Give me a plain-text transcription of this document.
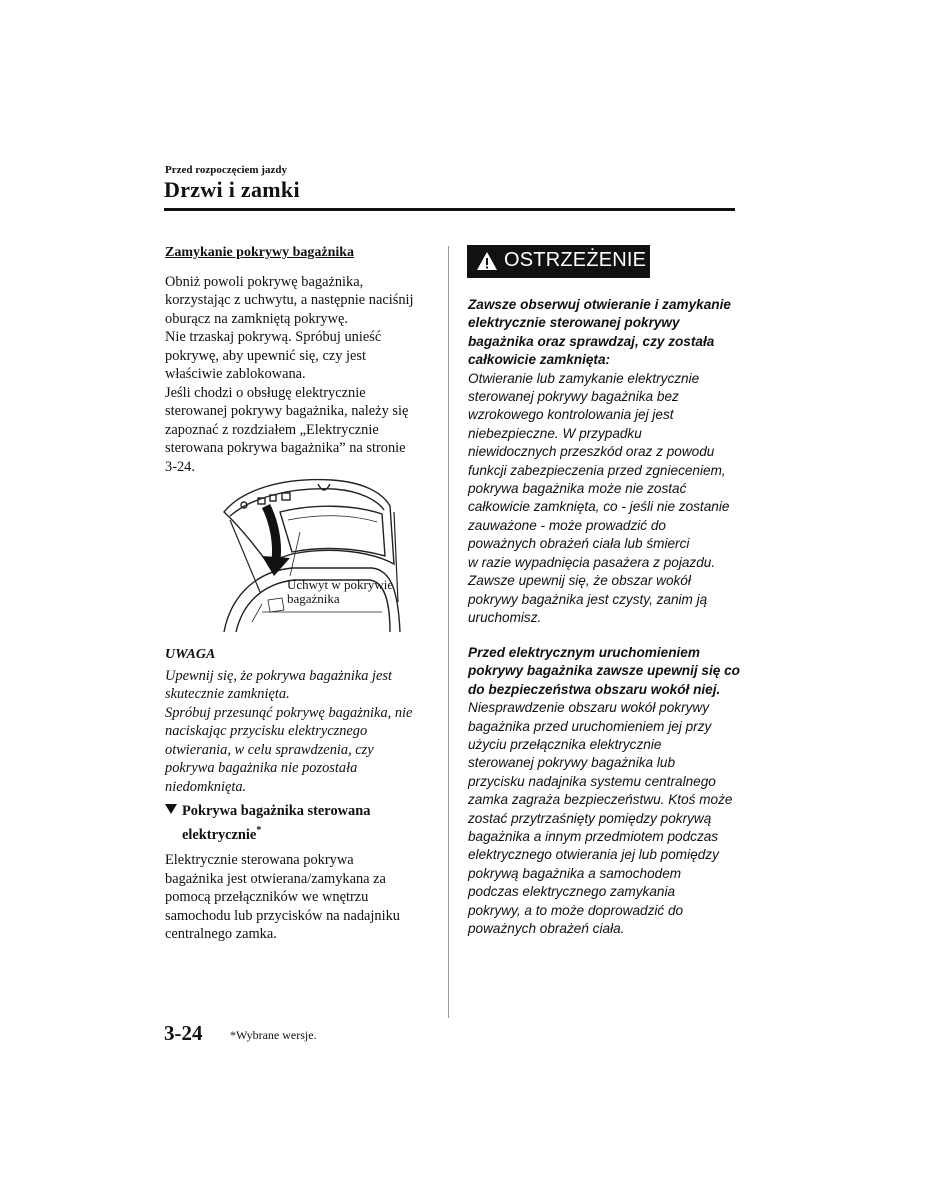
Przed rozpoczęciem jazdy
Drzwi i zamki
Zamykanie pokrywy bagażnika
Obniż powoli pokrywę bagażnika,
korzystając z uchwytu, a następnie naciśnij
oburącz na zamkniętą pokrywę.
Nie trzaskaj pokrywą. Spróbuj unieść
pokrywę, aby upewnić się, czy jest
właściwie zablokowana.
Jeśli chodzi o obsługę elektrycznie
sterowanej pokrywy bagażnika, należy się
zapoznać z rozdziałem „Elektrycznie
sterowana pokrywa bagażnika” na stronie
3-24.
Uchwyt w pokrywie
bagażnika
UWAGA
Upewnij się, że pokrywa bagażnika jest
skutecznie zamknięta.
Spróbuj przesunąć pokrywę bagażnika, nie
naciskając przycisku elektrycznego
otwierania, w celu sprawdzenia, czy
pokrywa bagażnika nie pozostała
niedomknięta.
Pokrywa bagażnika sterowana
elektrycznie*
Elektrycznie sterowana pokrywa
bagażnika jest otwierana/zamykana za
pomocą przełączników we wnętrzu
samochodu lub przycisków na nadajniku
centralnego zamka.
OSTRZEŻENIE
Zawsze obserwuj otwieranie i zamykanie
elektrycznie sterowanej pokrywy
bagażnika oraz sprawdzaj, czy została
całkowicie zamknięta:
Otwieranie lub zamykanie elektrycznie
sterowanej pokrywy bagażnika bez
wzrokowego kontrolowania jej jest
niebezpieczne. W przypadku
niewidocznych przeszkód oraz z powodu
funkcji zabezpieczenia przed zgnieceniem,
pokrywa bagażnika może nie zostać
całkowicie zamknięta, co - jeśli nie zostanie
zauważone - może prowadzić do
poważnych obrażeń ciała lub śmierci
w razie wypadnięcia pasażera z pojazdu.
Zawsze upewnij się, że obszar wokół
pokrywy bagażnika jest czysty, zanim ją
uruchomisz.
Przed elektrycznym uruchomieniem
pokrywy bagażnika zawsze upewnij się co
do bezpieczeństwa obszaru wokół niej.
Niesprawdzenie obszaru wokół pokrywy
bagażnika przed uruchomieniem jej przy
użyciu przełącznika elektrycznie
sterowanej pokrywy bagażnika lub
przycisku nadajnika systemu centralnego
zamka zagraża bezpieczeństwu. Ktoś może
zostać przytrzaśnięty pomiędzy pokrywą
bagażnika a innym przedmiotem podczas
elektrycznego otwierania jej lub pomiędzy
pokrywą bagażnika a samochodem
podczas elektrycznego zamykania
pokrywy, a to może doprowadzić do
poważnych obrażeń ciała.
3-24 *Wybrane wersje.
